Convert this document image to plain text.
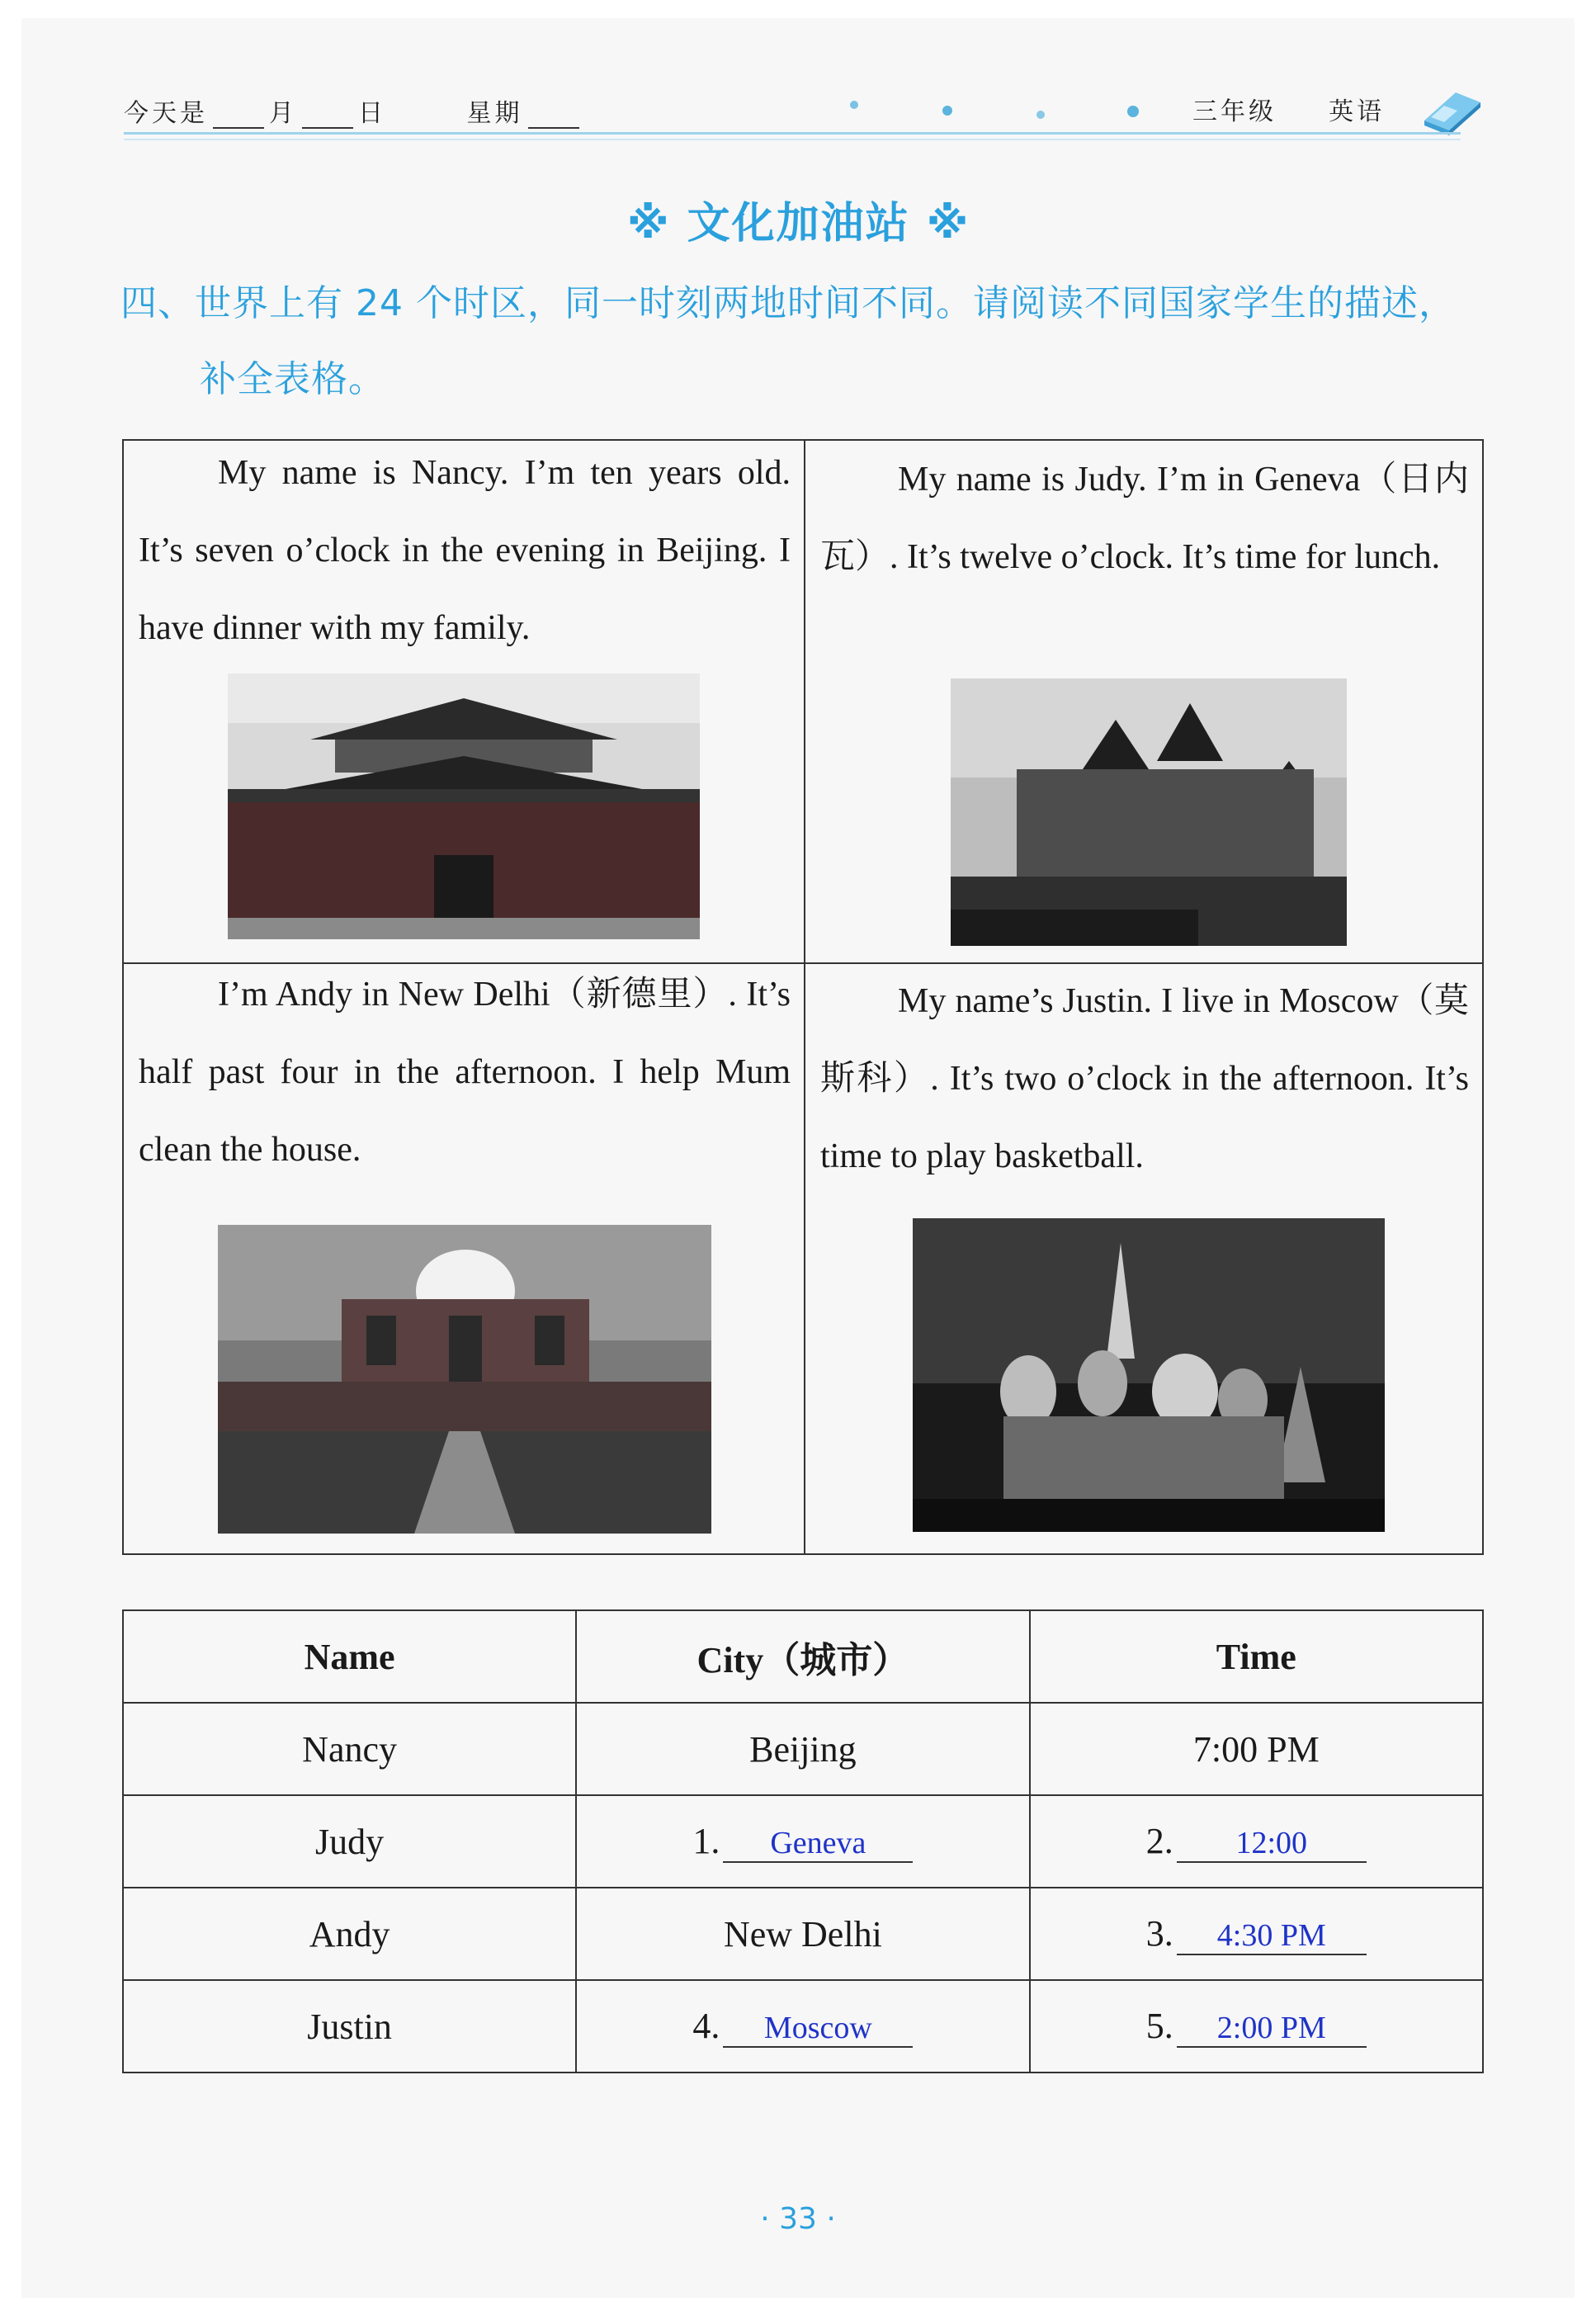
今天是 月 日	星期	三年级 英语
※ 文化加油站 ※
四、世界上有 24 个时区，同一时刻两地时间不同。请阅读不同国家学生的描述，
补全表格。
My name is Nancy. I’m ten years old. It’s seven o’clock in the evening in Beijing. I have dinner with my family.
My name is Judy. I’m in Geneva（日内瓦）. It’s twelve o’clock. It’s time for lunch.
I’m Andy in New Delhi（新德里）. It’s half past four in the afternoon. I help Mum clean the house.
My name’s Justin. I live in Moscow（莫斯科）. It’s two o’clock in the afternoon. It’s time to play basketball.
Name	City（城市）	Time
Nancy	Beijing	7:00 PM
Judy	1. Geneva	2. 12:00
Andy	New Delhi	3. 4:30 PM
Justin	4. Moscow	5. 2:00 PM
· 33 ·
